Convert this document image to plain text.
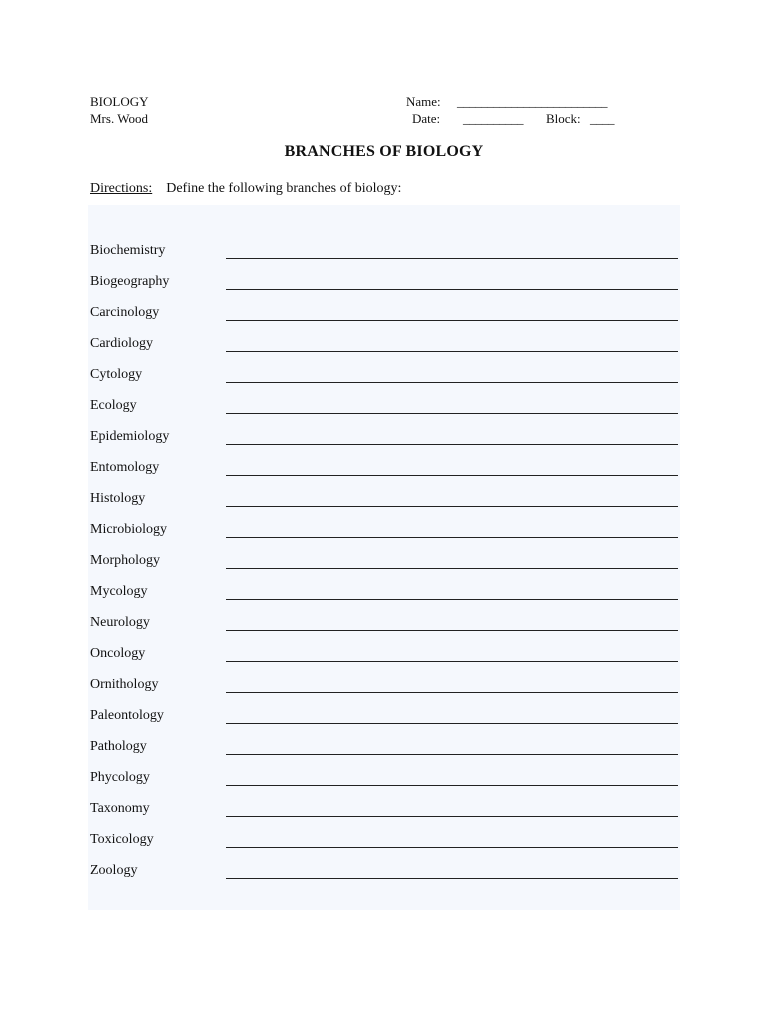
BIOLOGY
Mrs. Wood
Name: _________________________
Date: __________ Block: ____
BRANCHES OF BIOLOGY
Directions: Define the following branches of biology:
Biochemistry
Biogeography
Carcinology
Cardiology
Cytology
Ecology
Epidemiology
Entomology
Histology
Microbiology
Morphology
Mycology
Neurology
Oncology
Ornithology
Paleontology
Pathology
Phycology
Taxonomy
Toxicology
Zoology
